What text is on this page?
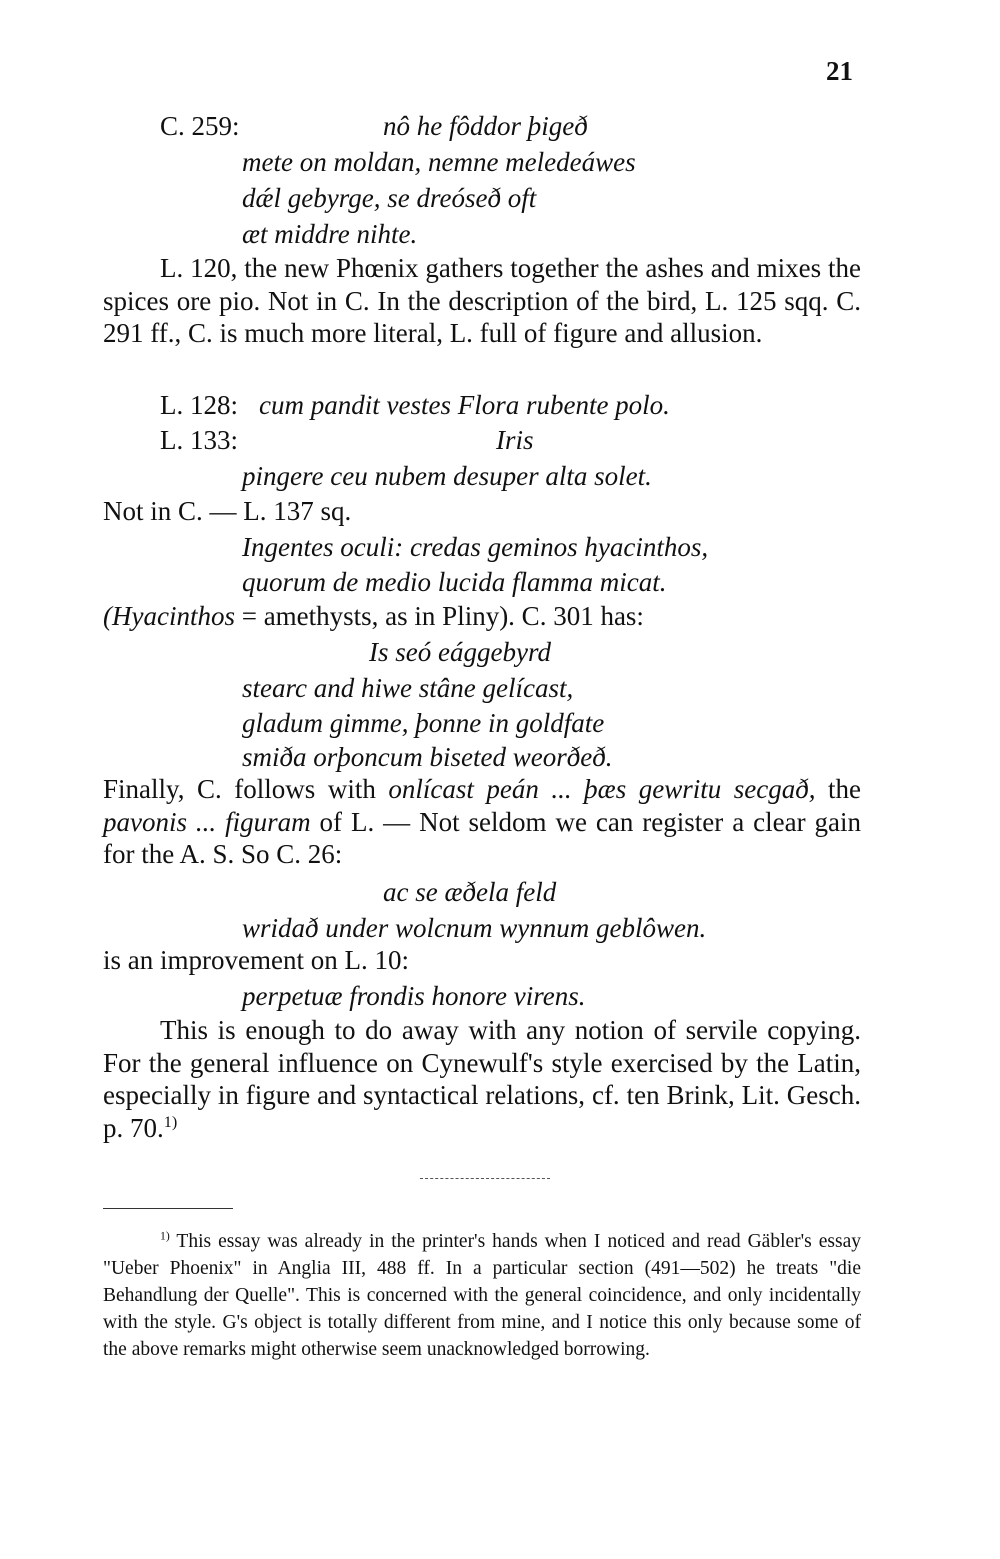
21
C. 259:	nô he fôddor þigeð
mete on moldan, nemne meledeáwes
dǽl gebyrge, se dreóseð oft
æt middre nihte.
L. 120, the new Phœnix gathers together the ashes and mixes the spices ore pio. Not in C. In the description of the bird, L. 125 sqq. C. 291 ff., C. is much more literal, L. full of figure and allusion.
L. 128: cum pandit vestes Flora rubente polo.
L. 133:	Iris
pingere ceu nubem desuper alta solet.
Not in C. — L. 137 sq.
Ingentes oculi: credas geminos hyacinthos,
quorum de medio lucida flamma micat.
(Hyacinthos = amethysts, as in Pliny). C. 301 has:
Is seó eággebyrd
stearc and hiwe stâne gelícast,
gladum gimme, þonne in goldfate
smiða orþoncum biseted weorðeð.
Finally, C. follows with onlícast peán ... þæs gewritu secgað, the pavonis ... figuram of L. — Not seldom we can register a clear gain for the A. S. So C. 26:
ac se æðela feld
wridað under wolcnum wynnum geblôwen.
is an improvement on L. 10:
perpetuæ frondis honore virens.
This is enough to do away with any notion of servile copying. For the general influence on Cynewulf's style exercised by the Latin, especially in figure and syntactical relations, cf. ten Brink, Lit. Gesch. p. 70.$^{1)}$
$^{1)}$ This essay was already in the printer's hands when I noticed and read Gäbler's essay "Ueber Phoenix" in Anglia III, 488 ff. In a particular section (491—502) he treats "die Behandlung der Quelle". This is concerned with the general coincidence, and only incidentally with the style. G's object is totally different from mine, and I notice this only because some of the above remarks might otherwise seem unacknowledged borrowing.
